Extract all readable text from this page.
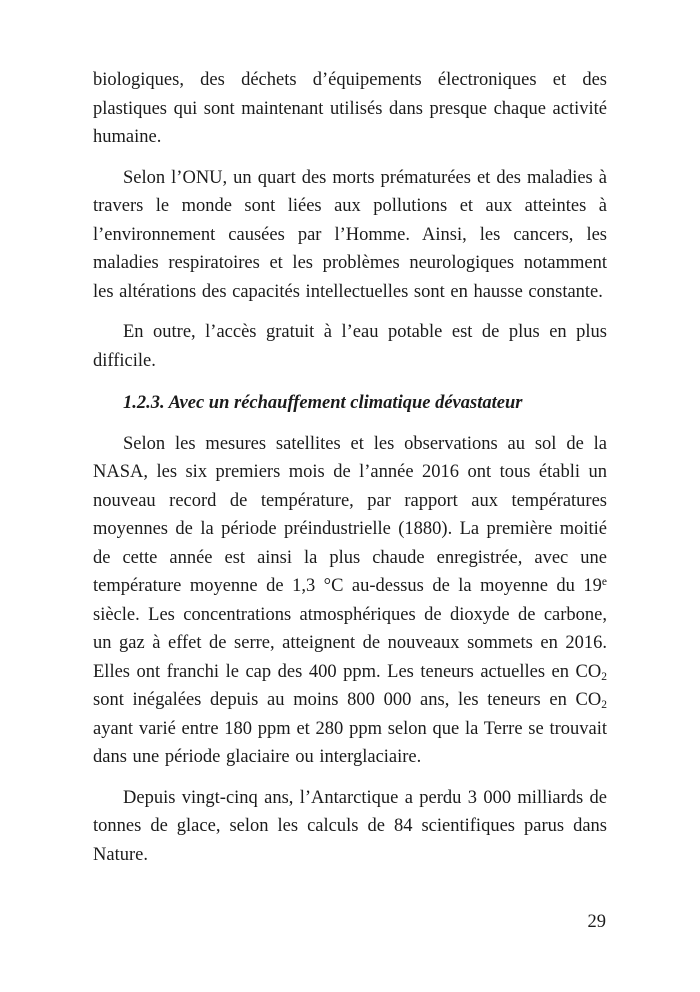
biologiques, des déchets d’équipements électroniques et des plastiques qui sont maintenant utilisés dans presque chaque activité humaine.

Selon l’ONU, un quart des morts prématurées et des maladies à travers le monde sont liées aux pollutions et aux atteintes à l’environnement causées par l’Homme. Ainsi, les cancers, les maladies respiratoires et les problèmes neurologiques notamment les altérations des capacités intellectuelles sont en hausse constante.

En outre, l’accès gratuit à l’eau potable est de plus en plus difficile.

1.2.3. Avec un réchauffement climatique dévastateur

Selon les mesures satellites et les observations au sol de la NASA, les six premiers mois de l’année 2016 ont tous établi un nouveau record de température, par rapport aux températures moyennes de la période préindustrielle (1880). La première moitié de cette année est ainsi la plus chaude enregistrée, avec une température moyenne de 1,3 °C au-dessus de la moyenne du 19e siècle. Les concentrations atmosphériques de dioxyde de carbone, un gaz à effet de serre, atteignent de nouveaux sommets en 2016. Elles ont franchi le cap des 400 ppm. Les teneurs actuelles en CO2 sont inégalées depuis au moins 800 000 ans, les teneurs en CO2 ayant varié entre 180 ppm et 280 ppm selon que la Terre se trouvait dans une période glaciaire ou interglaciaire.

Depuis vingt-cinq ans, l’Antarctique a perdu 3 000 milliards de tonnes de glace, selon les calculs de 84 scientifiques parus dans Nature.

29
